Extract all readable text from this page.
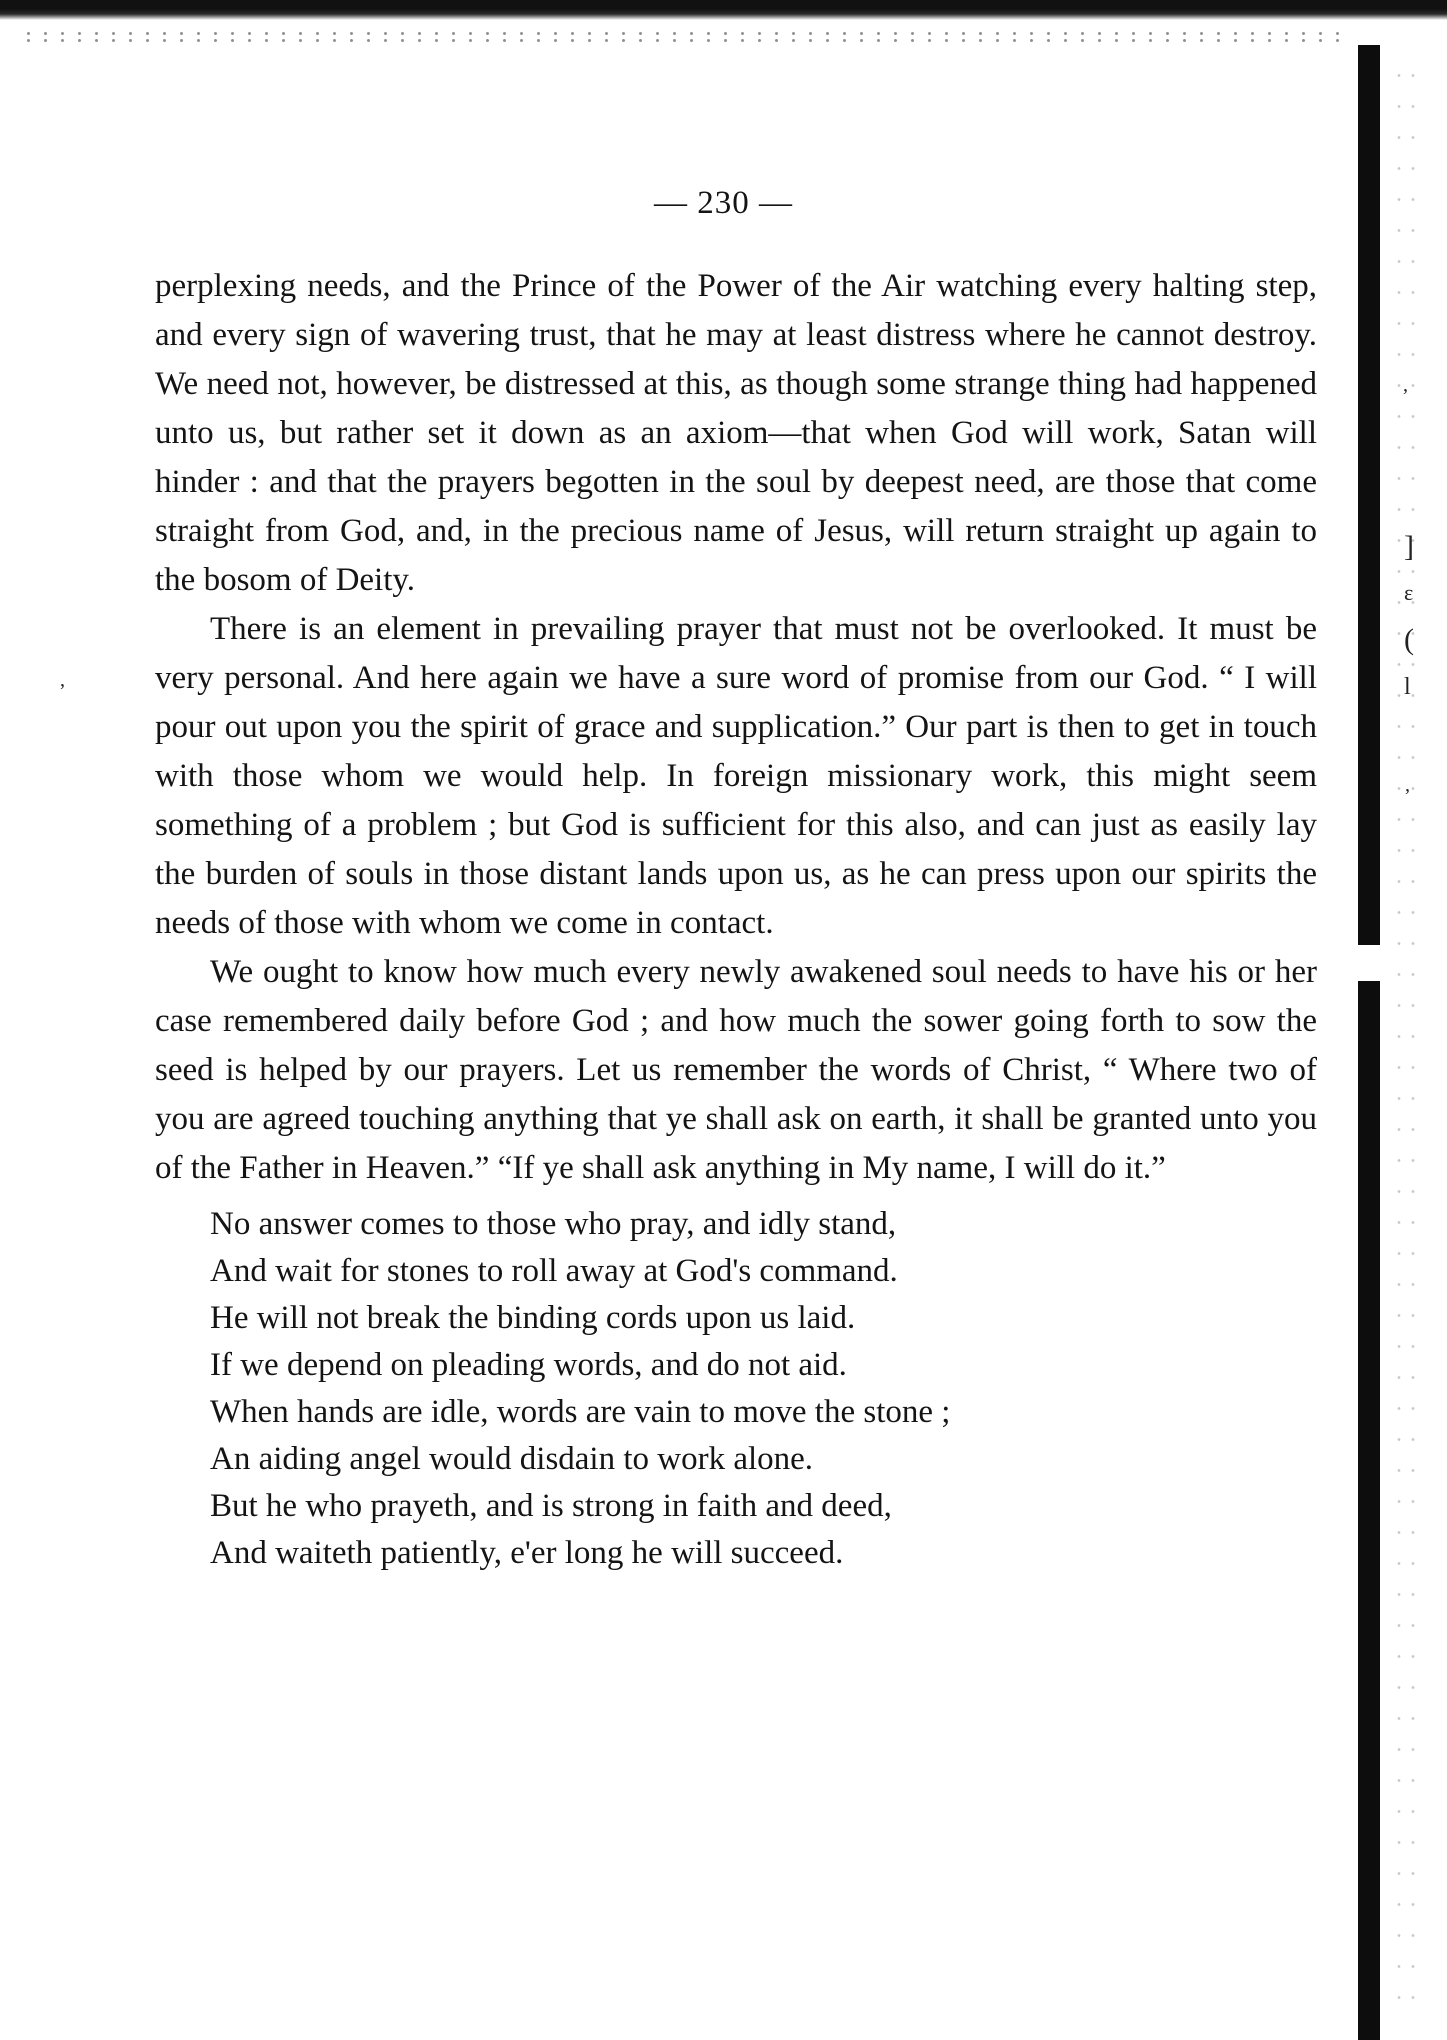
,
]
ɛ
(
l
,
,
— 230 —

perplexing needs, and the Prince of the Power of the Air watching every halting step, and every sign of wavering trust, that he may at least distress where he cannot destroy. We need not, however, be distressed at this, as though some strange thing had happened unto us, but rather set it down as an axiom—that when God will work, Satan will hinder : and that the prayers begotten in the soul by deepest need, are those that come straight from God, and, in the precious name of Jesus, will return straight up again to the bosom of Deity.

There is an element in prevailing prayer that must not be overlooked. It must be very personal. And here again we have a sure word of promise from our God. “ I will pour out upon you the spirit of grace and supplication.” Our part is then to get in touch with those whom we would help. In foreign missionary work, this might seem something of a problem ; but God is sufficient for this also, and can just as easily lay the burden of souls in those distant lands upon us, as he can press upon our spirits the needs of those with whom we come in contact.

We ought to know how much every newly awakened soul needs to have his or her case remembered daily before God ; and how much the sower going forth to sow the seed is helped by our prayers. Let us remember the words of Christ, “ Where two of you are agreed touching anything that ye shall ask on earth, it shall be granted unto you of the Father in Heaven.” “If ye shall ask anything in My name, I will do it.”

No answer comes to those who pray, and idly stand,
And wait for stones to roll away at God's command.
He will not break the binding cords upon us laid.
If we depend on pleading words, and do not aid.
When hands are idle, words are vain to move the stone ;
An aiding angel would disdain to work alone.
But he who prayeth, and is strong in faith and deed,
And waiteth patiently, e'er long he will succeed.
